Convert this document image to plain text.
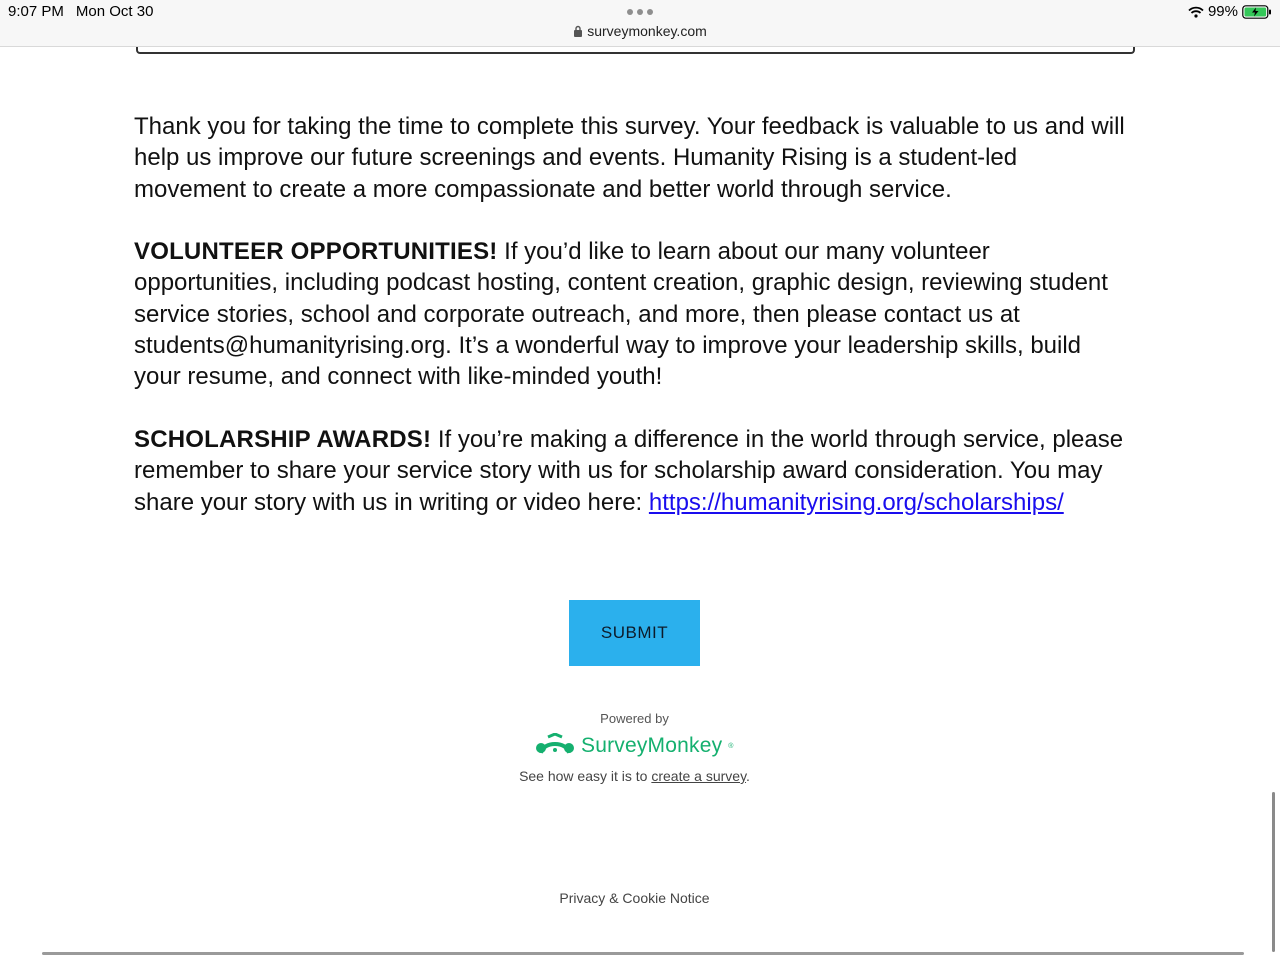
9:07 PM Mon Oct 30
surveymonkey.com
99%

Thank you for taking the time to complete this survey. Your feedback is valuable to us and will help us improve our future screenings and events. Humanity Rising is a student-led movement to create a more compassionate and better world through service.

VOLUNTEER OPPORTUNITIES! If you’d like to learn about our many volunteer opportunities, including podcast hosting, content creation, graphic design, reviewing student service stories, school and corporate outreach, and more, then please contact us at students@humanityrising.org. It’s a wonderful way to improve your leadership skills, build your resume, and connect with like-minded youth!

SCHOLARSHIP AWARDS! If you’re making a difference in the world through service, please remember to share your service story with us for scholarship award consideration. You may share your story with us in writing or video here: https://humanityrising.org/scholarships/

SUBMIT
Powered by
SurveyMonkey ®
See how easy it is to create a survey.
Privacy & Cookie Notice
